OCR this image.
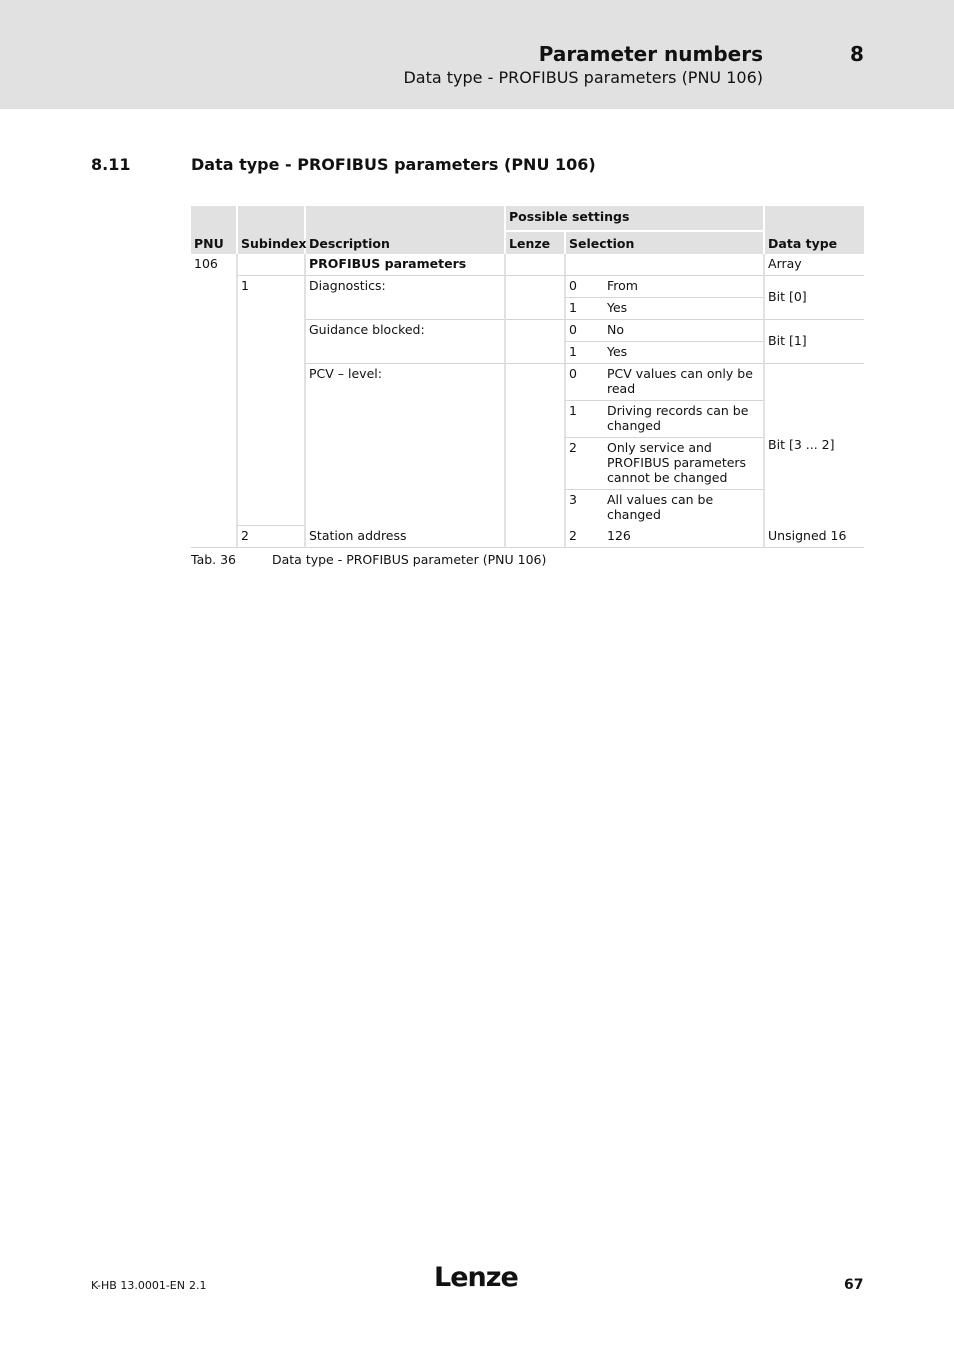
Parameter numbers	8
Data type - PROFIBUS parameters (PNU 106)
8.11	Data type - PROFIBUS parameters (PNU 106)
PNU	Subindex	Description	Possible settings			Data type
			Lenze	Selection		
106		PROFIBUS parameters				Array
	1	Diagnostics:		0	From	Bit [0]
				1	Yes	
		Guidance blocked:		0	No	Bit [1]
				1	Yes	
		PCV – level:		0	PCV values can only be read	Bit [3 ... 2]
				1	Driving records can be changed	
				2	Only service and PROFIBUS parameters cannot be changed	
				3	All values can be changed	
	2	Station address		2	126	Unsigned 16
Tab. 36	Data type - PROFIBUS parameter (PNU 106)
K-HB 13.0001-EN 2.1	Lenze	67
